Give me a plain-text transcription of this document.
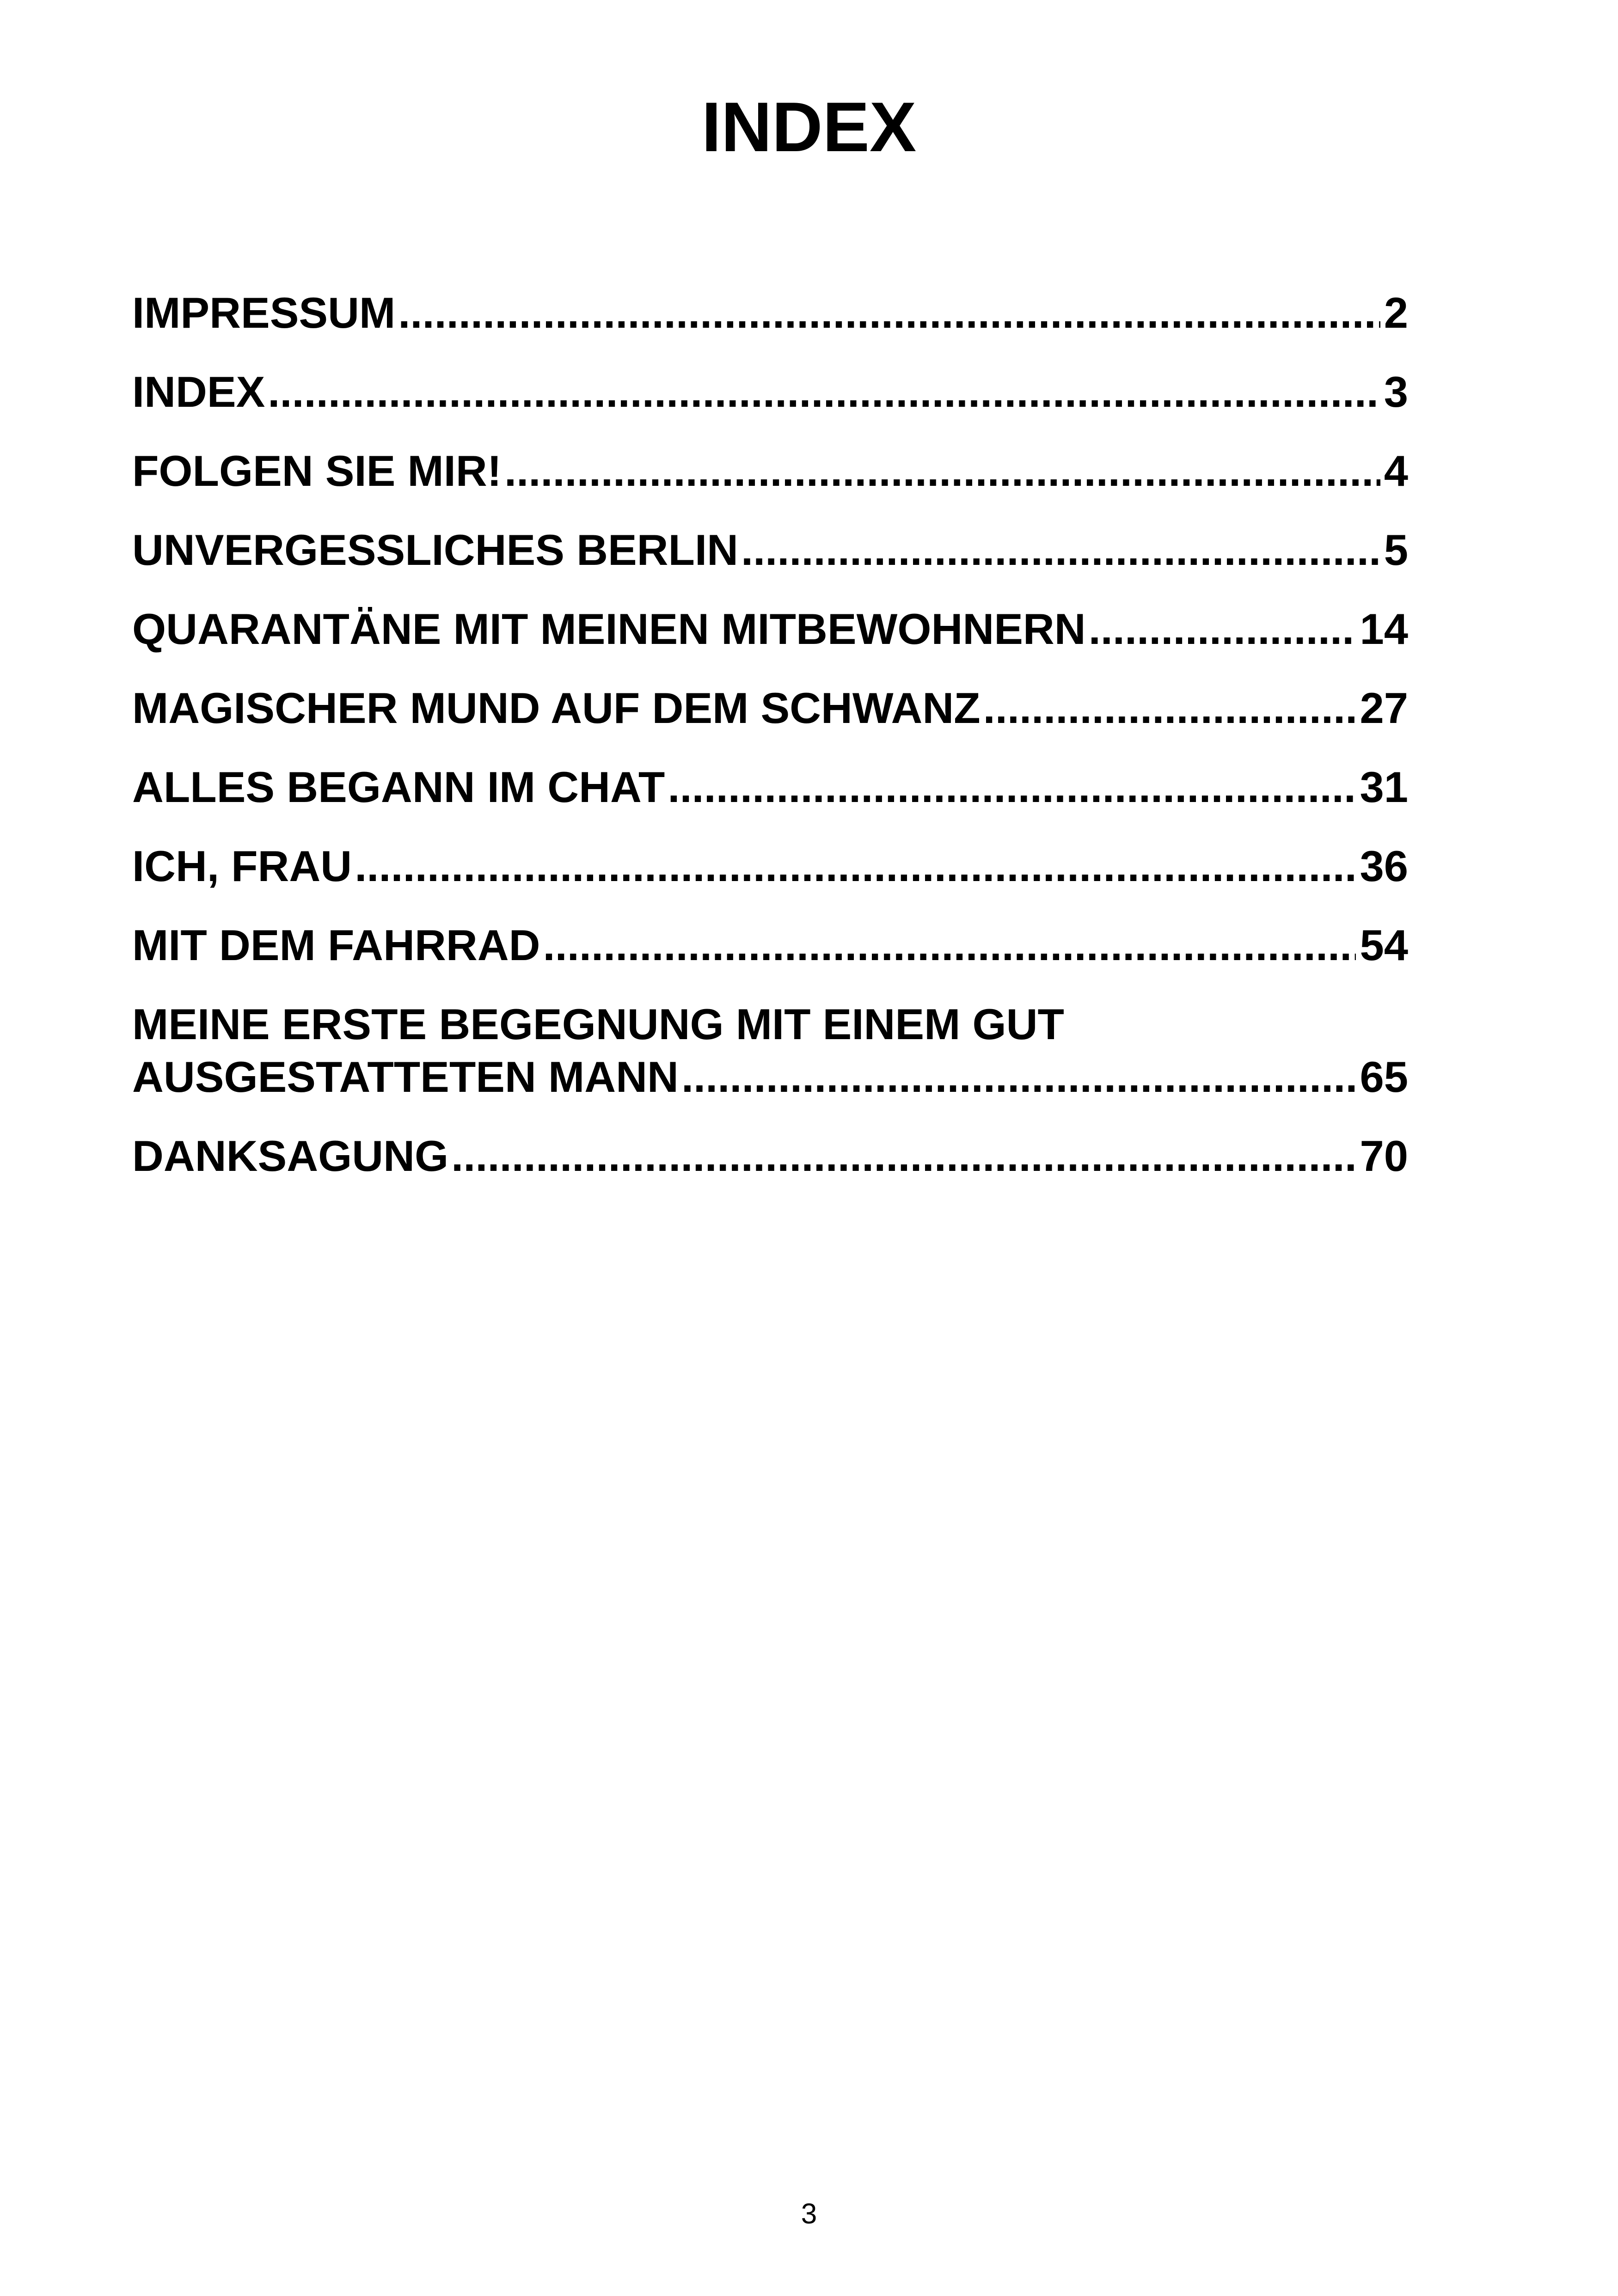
INDEX
IMPRESSUM .....	2
INDEX .....	3
FOLGEN SIE MIR! .....	4
UNVERGESSLICHES BERLIN .....	5
QUARANTÄNE MIT MEINEN MITBEWOHNERN .....	14
MAGISCHER MUND AUF DEM SCHWANZ .....	27
ALLES BEGANN IM CHAT .....	31
ICH, FRAU .....	36
MIT DEM FAHRRAD .....	54
MEINE ERSTE BEGEGNUNG MIT EINEM GUT
AUSGESTATTETEN MANN .....	65
DANKSAGUNG .....	70
3
